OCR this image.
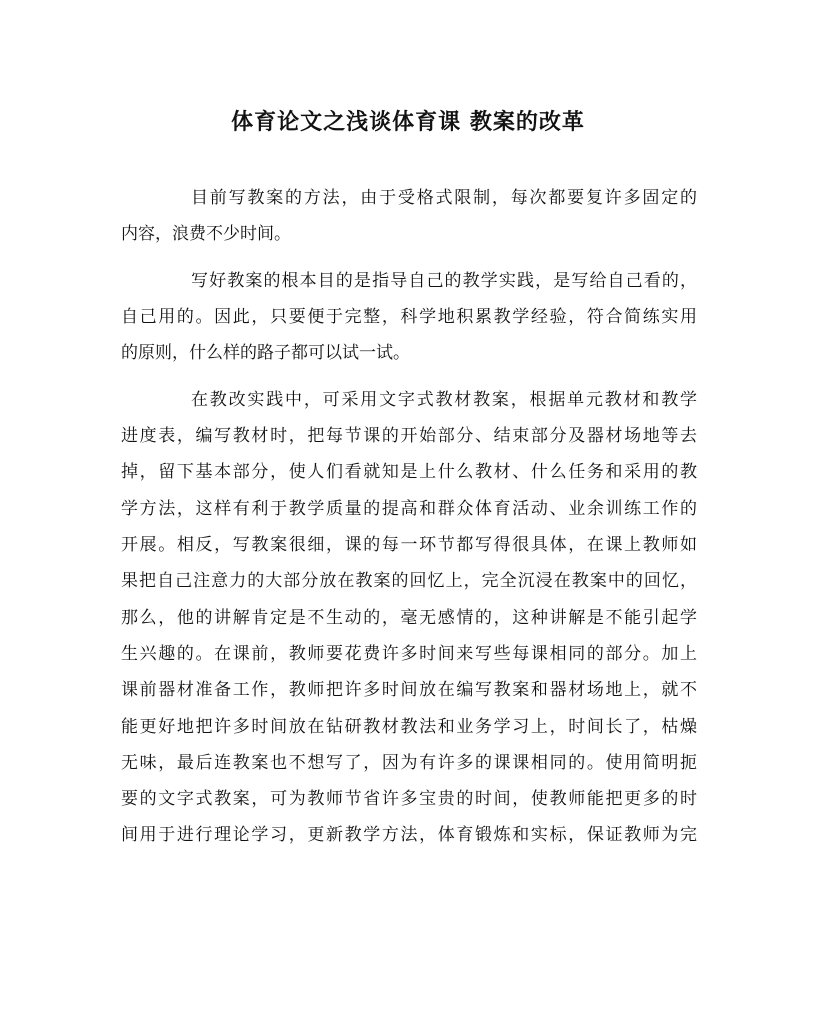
体育论文之浅谈体育课 教案的改革
目前写教案的方法，由于受格式限制，每次都要复许多固定的
内容，浪费不少时间。
写好教案的根本目的是指导自己的教学实践，是写给自己看的，
自己用的。因此，只要便于完整，科学地积累教学经验，符合简练实用
的原则，什么样的路子都可以试一试。
在教改实践中，可采用文字式教材教案，根据单元教材和教学
进度表，编写教材时，把每节课的开始部分、结束部分及器材场地等去
掉，留下基本部分，使人们看就知是上什么教材、什么任务和采用的教
学方法，这样有利于教学质量的提高和群众体育活动、业余训练工作的
开展。相反，写教案很细，课的每一环节都写得很具体，在课上教师如
果把自己注意力的大部分放在教案的回忆上，完全沉浸在教案中的回忆，
那么，他的讲解肯定是不生动的，毫无感情的，这种讲解是不能引起学
生兴趣的。在课前，教师要花费许多时间来写些每课相同的部分。加上
课前器材准备工作，教师把许多时间放在编写教案和器材场地上，就不
能更好地把许多时间放在钻研教材教法和业务学习上，时间长了，枯燥
无味，最后连教案也不想写了，因为有许多的课课相同的。使用简明扼
要的文字式教案，可为教师节省许多宝贵的时间，使教师能把更多的时
间用于进行理论学习，更新教学方法，体育锻炼和实标，保证教师为完
